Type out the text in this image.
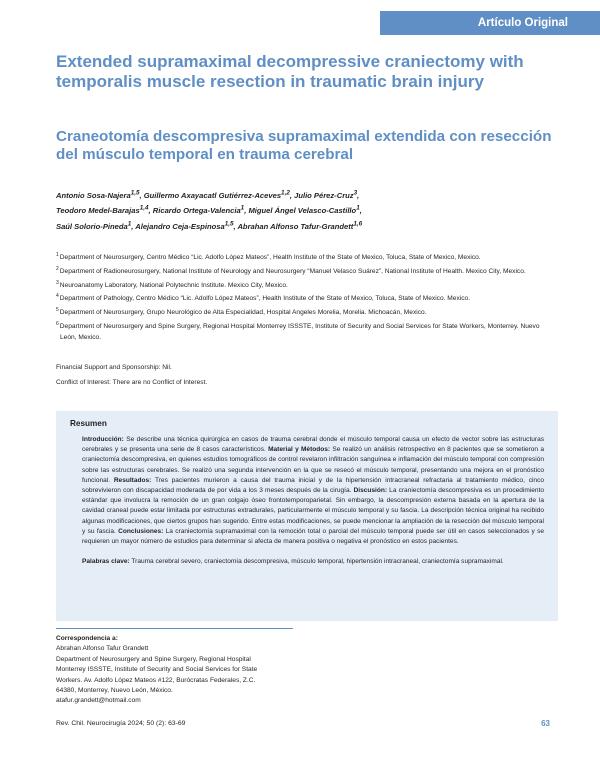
Artículo Original
Extended supramaximal decompressive craniectomy with temporalis muscle resection in traumatic brain injury
Craneotomía descompresiva supramaximal extendida con resección del músculo temporal en trauma cerebral

Antonio Sosa-Najera$^{1,5}$, Guillermo Axayacatl Gutiérrez-Aceves$^{1,2}$, Julio Pérez-Cruz$^3$,
Teodoro Medel-Barajas$^{1,4}$, Ricardo Ortega-Valencia$^1$, Miguel Ángel Velasco-Castillo$^1$,
Saúl Solorio-Pineda$^1$, Alejandro Ceja-Espinosa$^{1,5}$, Abrahan Alfonso Tafur-Grandett$^{1,6}$

$^1$Department of Neurosurgery, Centro Médico “Lic. Adolfo López Mateos”, Health Institute of the State of Mexico, Toluca, State of Mexico, Mexico.
$^2$Department of Radioneurosurgery, National Institute of Neurology and Neurosurgery “Manuel Velasco Suárez”, National Institute of Health. Mexico City, Mexico.
$^3$Neuroanatomy Laboratory, National Polytechnic Institute. Mexico City, Mexico.
$^4$Department of Pathology, Centro Médico “Lic. Adolfo López Mateos”, Health Institute of the State of Mexico, Toluca, State of Mexico. Mexico.
$^5$Department of Neurosurgery, Grupo Neurológico de Alta Especialidad, Hospital Angeles Morelia, Morelia. Michoacán, Mexico.
$^6$Department of Neurosurgery and Spine Surgery, Regional Hospital Monterrey ISSSTE, Institute of Security and Social Services for State Workers, Monterrey. Nuevo León, Mexico.

Financial Support and Sponsorship: Nil.

Conflict of Interest: There are no Conflict of Interest.

Resumen

Introducción: Se describe una técnica quirúrgica en casos de trauma cerebral donde el músculo temporal causa un efecto de vector sobre las estructuras cerebrales y se presenta una serie de 8 casos característicos. Material y Métodos: Se realizó un análisis retrospectivo en 8 pacientes que se sometieron a craniectomía descompresiva, en quienes estudios tomográficos de control revelaron infiltración sanguínea e inflamación del músculo temporal con compresión sobre las estructuras cerebrales. Se realizó una segunda intervención en la que se resecó el músculo temporal, presentando una mejora en el pronóstico funcional. Resultados: Tres pacientes murieron a causa del trauma inicial y de la hipertensión intracraneal refractaria al tratamiento médico, cinco sobrevivieron con discapacidad moderada de por vida a los 3 meses después de la cirugía. Discusión: La craniectomía descompresiva es un procedimiento estándar que involucra la remoción de un gran colgajo óseo frontotemporoparietal. Sin embargo, la descompresión externa basada en la apertura de la cavidad craneal puede estar limitada por estructuras extradurales, particularmente el músculo temporal y su fascia. La descripción técnica original ha recibido algunas modificaciones, que ciertos grupos han sugerido. Entre estas modificaciones, se puede mencionar la ampliación de la resección del músculo temporal y su fascia. Conclusiones: La craniectomía supramaximal con la remoción total o parcial del músculo temporal puede ser útil en casos seleccionados y se requieren un mayor número de estudios para determinar si afecta de manera positiva o negativa el pronóstico en estos pacientes.

Palabras clave: Trauma cerebral severo, craniectomía descompresiva, músculo temporal, hipertensión intracraneal, craniectomía supramaximal.

Correspondencia a:
Abrahan Alfonso Tafur Grandett
Department of Neurosurgery and Spine Surgery, Regional Hospital
Monterrey ISSSTE, Institute of Security and Social Services for State
Workers. Av. Adolfo López Mateos #122, Burócratas Federales, Z.C.
64380, Monterrey, Nuevo León, México.
atafur.grandett@hotmail.com
Rev. Chil. Neurocirugía 2024; 50 (2): 63-69	63
